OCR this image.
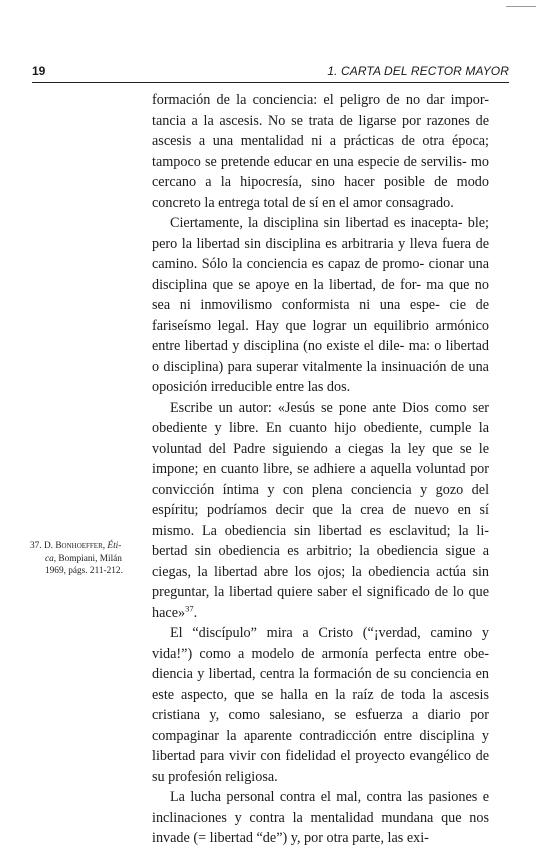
19	1. CARTA DEL RECTOR MAYOR

formación de la conciencia: el peligro de no dar impor- tancia a la ascesis. No se trata de ligarse por razones de ascesis a una mentalidad ni a prácticas de otra época; tampoco se pretende educar en una especie de servilis- mo cercano a la hipocresía, sino hacer posible de modo concreto la entrega total de sí en el amor consagrado.

Ciertamente, la disciplina sin libertad es inacepta- ble; pero la libertad sin disciplina es arbitraria y lleva fuera de camino. Sólo la conciencia es capaz de promo- cionar una disciplina que se apoye en la libertad, de for- ma que no sea ni inmovilismo conformista ni una espe- cie de fariseísmo legal. Hay que lograr un equilibrio armónico entre libertad y disciplina (no existe el dile- ma: o libertad o disciplina) para superar vitalmente la insinuación de una oposición irreducible entre las dos.

Escribe un autor: «Jesús se pone ante Dios como ser obediente y libre. En cuanto hijo obediente, cumple la voluntad del Padre siguiendo a ciegas la ley que se le impone; en cuanto libre, se adhiere a aquella voluntad por convicción íntima y con plena conciencia y gozo del espíritu; podríamos decir que la crea de nuevo en sí mismo. La obediencia sin libertad es esclavitud; la li- bertad sin obediencia es arbitrio; la obediencia sigue a ciegas, la libertad abre los ojos; la obediencia actúa sin preguntar, la libertad quiere saber el significado de lo que hace»$^{37}$.

El “discípulo” mira a Cristo (“¡verdad, camino y vida!”) como a modelo de armonía perfecta entre obe- diencia y libertad, centra la formación de su conciencia en este aspecto, que se halla en la raíz de toda la ascesis cristiana y, como salesiano, se esfuerza a diario por compaginar la aparente contradicción entre disciplina y libertad para vivir con fidelidad el proyecto evangélico de su profesión religiosa.

La lucha personal contra el mal, contra las pasiones e inclinaciones y contra la mentalidad mundana que nos invade (= libertad “de”) y, por otra parte, las exi-

37. D. Bonhoeffer, Éti-
ca, Bompiani, Milán
1969, págs. 211-212.
